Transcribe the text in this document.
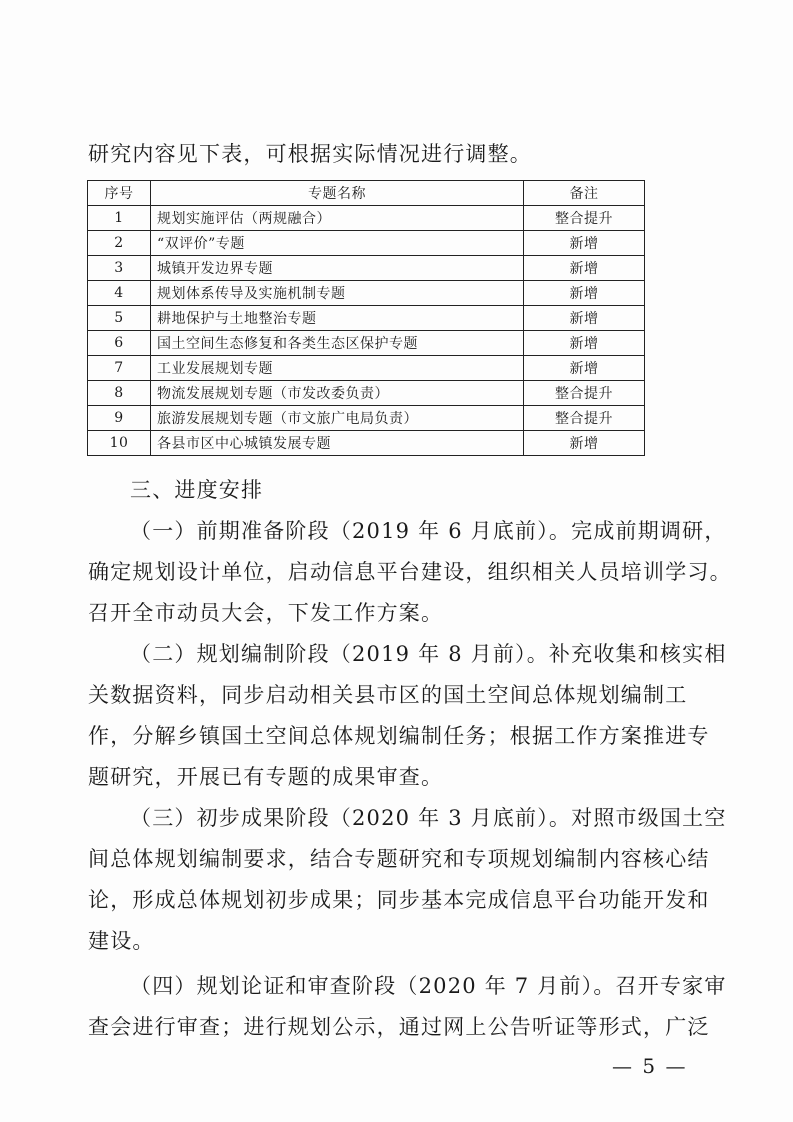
研究内容见下表，可根据实际情况进行调整。
序号	专题名称	备注
1	规划实施评估（两规融合）	整合提升
2	“双评价”专题	新增
3	城镇开发边界专题	新增
4	规划体系传导及实施机制专题	新增
5	耕地保护与土地整治专题	新增
6	国土空间生态修复和各类生态区保护专题	新增
7	工业发展规划专题	新增
8	物流发展规划专题（市发改委负责）	整合提升
9	旅游发展规划专题（市文旅广电局负责）	整合提升
10	各县市区中心城镇发展专题	新增
三、进度安排
（一）前期准备阶段（2019 年 6 月底前）。完成前期调研，
确定规划设计单位，启动信息平台建设，组织相关人员培训学习。
召开全市动员大会，下发工作方案。
（二）规划编制阶段（2019 年 8 月前）。补充收集和核实相
关数据资料，同步启动相关县市区的国土空间总体规划编制工
作，分解乡镇国土空间总体规划编制任务；根据工作方案推进专
题研究，开展已有专题的成果审查。
（三）初步成果阶段（2020 年 3 月底前）。对照市级国土空
间总体规划编制要求，结合专题研究和专项规划编制内容核心结
论，形成总体规划初步成果；同步基本完成信息平台功能开发和
建设。
（四）规划论证和审查阶段（2020 年 7 月前）。召开专家审
查会进行审查；进行规划公示，通过网上公告听证等形式，广泛
— 5 —
